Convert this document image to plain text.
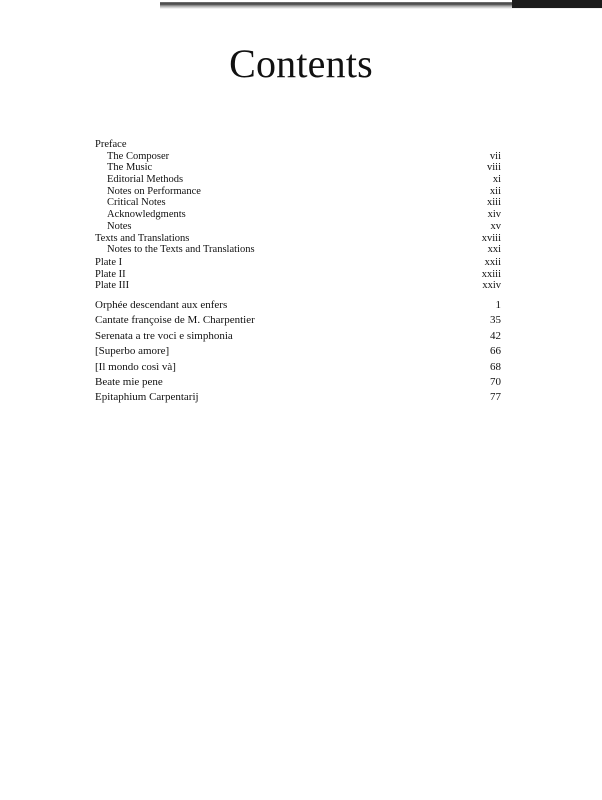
Contents
Preface
The Composer	vii
The Music	viii
Editorial Methods	xi
Notes on Performance	xii
Critical Notes	xiii
Acknowledgments	xiv
Notes	xv
Texts and Translations	xviii
Notes to the Texts and Translations	xxi
Plate I	xxii
Plate II	xxiii
Plate III	xxiv
Orphée descendant aux enfers	1
Cantate françoise de M. Charpentier	35
Serenata a tre voci e simphonia	42
[Superbo amore]	66
[Il mondo così và]	68
Beate mie pene	70
Epitaphium Carpentarij	77
